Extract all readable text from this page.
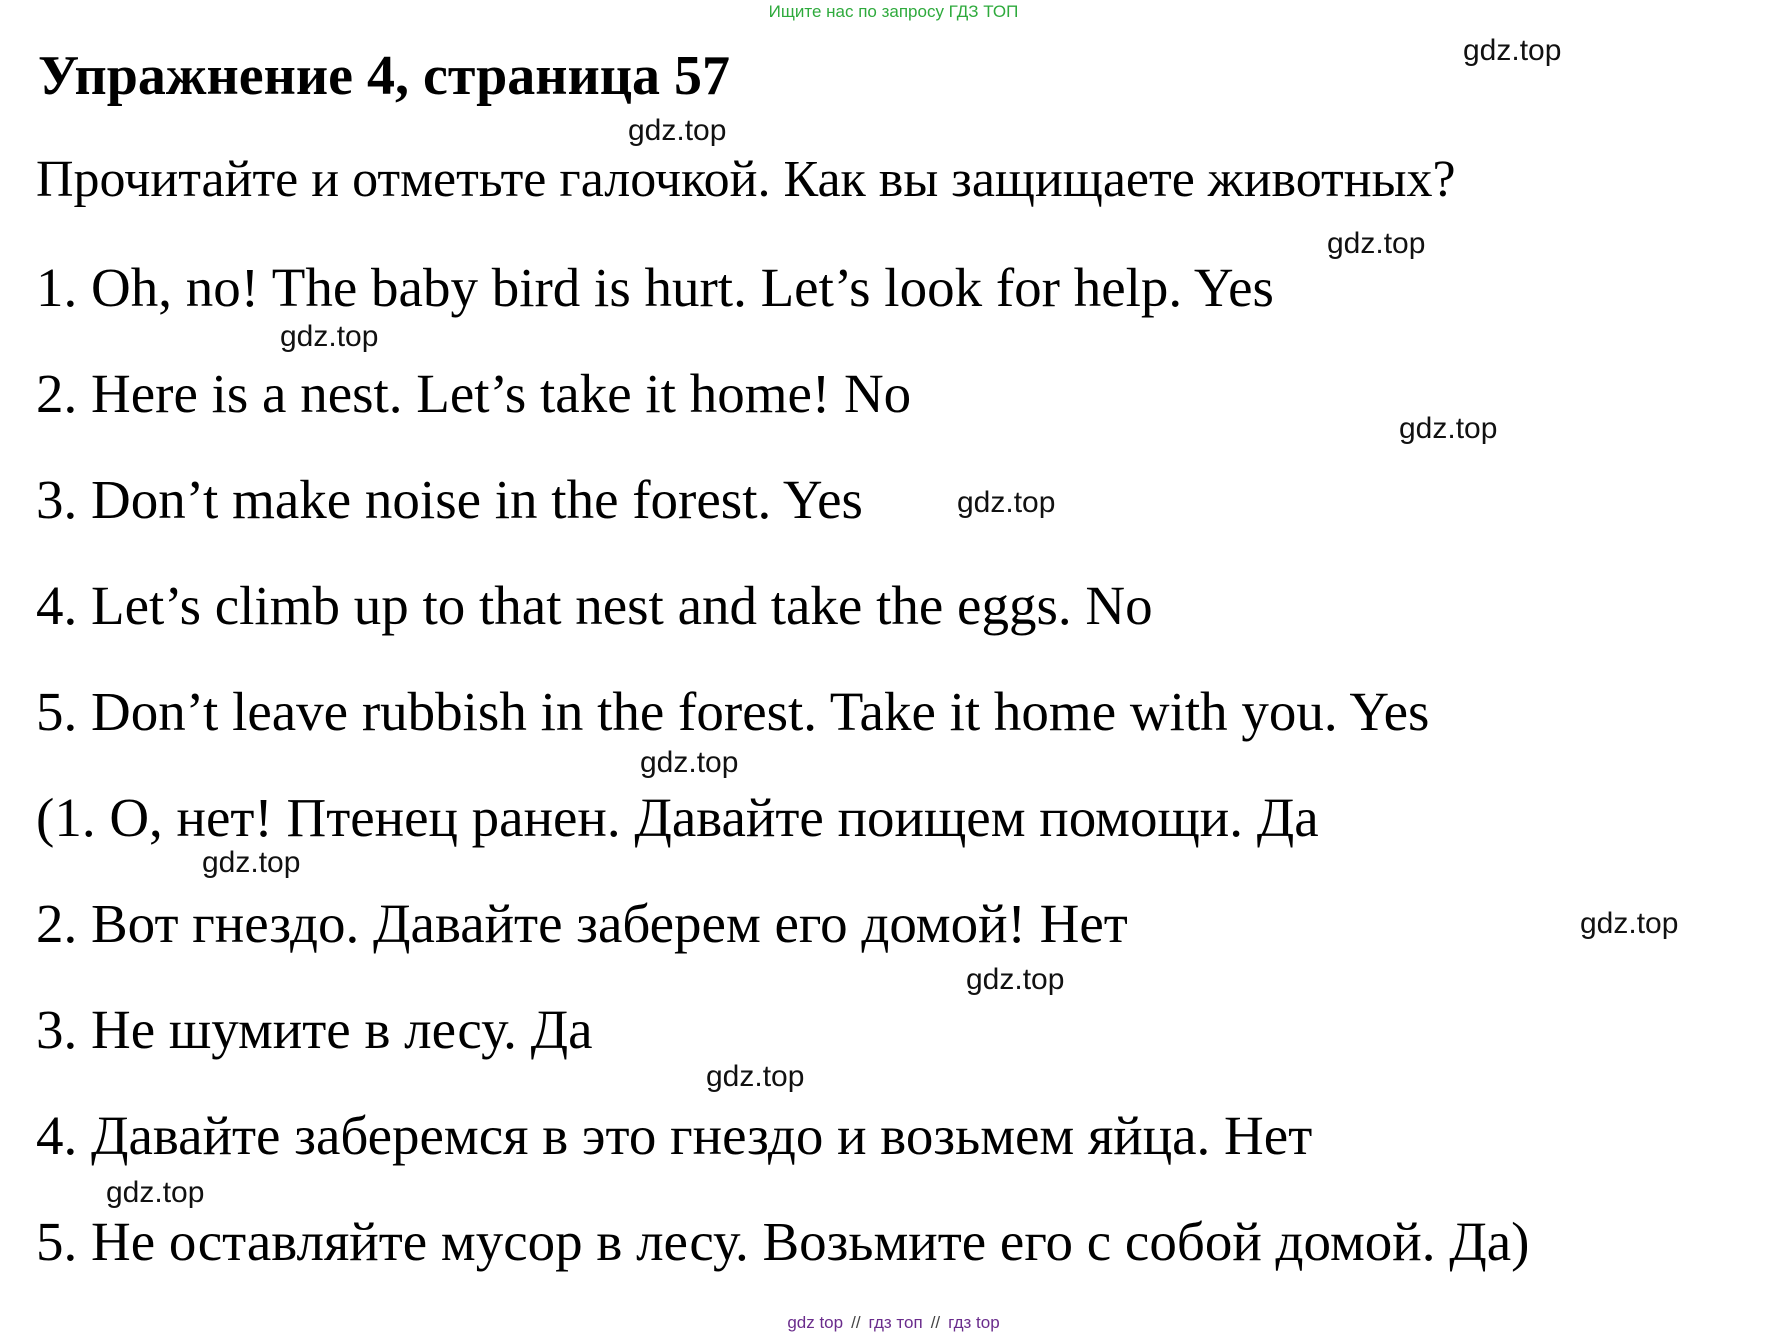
Ищите нас по запросу ГДЗ ТОП
Упражнение 4, страница 57
Прочитайте и отметьте галочкой. Как вы защищаете животных?
1. Oh, no! The baby bird is hurt. Let’s look for help. Yes
2. Here is a nest. Let’s take it home! No
3. Don’t make noise in the forest. Yes
4. Let’s climb up to that nest and take the eggs. No
5. Don’t leave rubbish in the forest. Take it home with you. Yes
(1. О, нет! Птенец ранен. Давайте поищем помощи. Да
2. Вот гнездо. Давайте заберем его домой! Нет
3. Не шумите в лесу. Да
4. Давайте заберемся в это гнездо и возьмем яйца. Нет
5. Не оставляйте мусор в лесу. Возьмите его с собой домой. Да)
gdz.top
gdz.top
gdz.top
gdz.top
gdz.top
gdz.top
gdz.top
gdz.top
gdz.top
gdz.top
gdz.top
gdz.top
gdz top // гдз топ // гдз top
